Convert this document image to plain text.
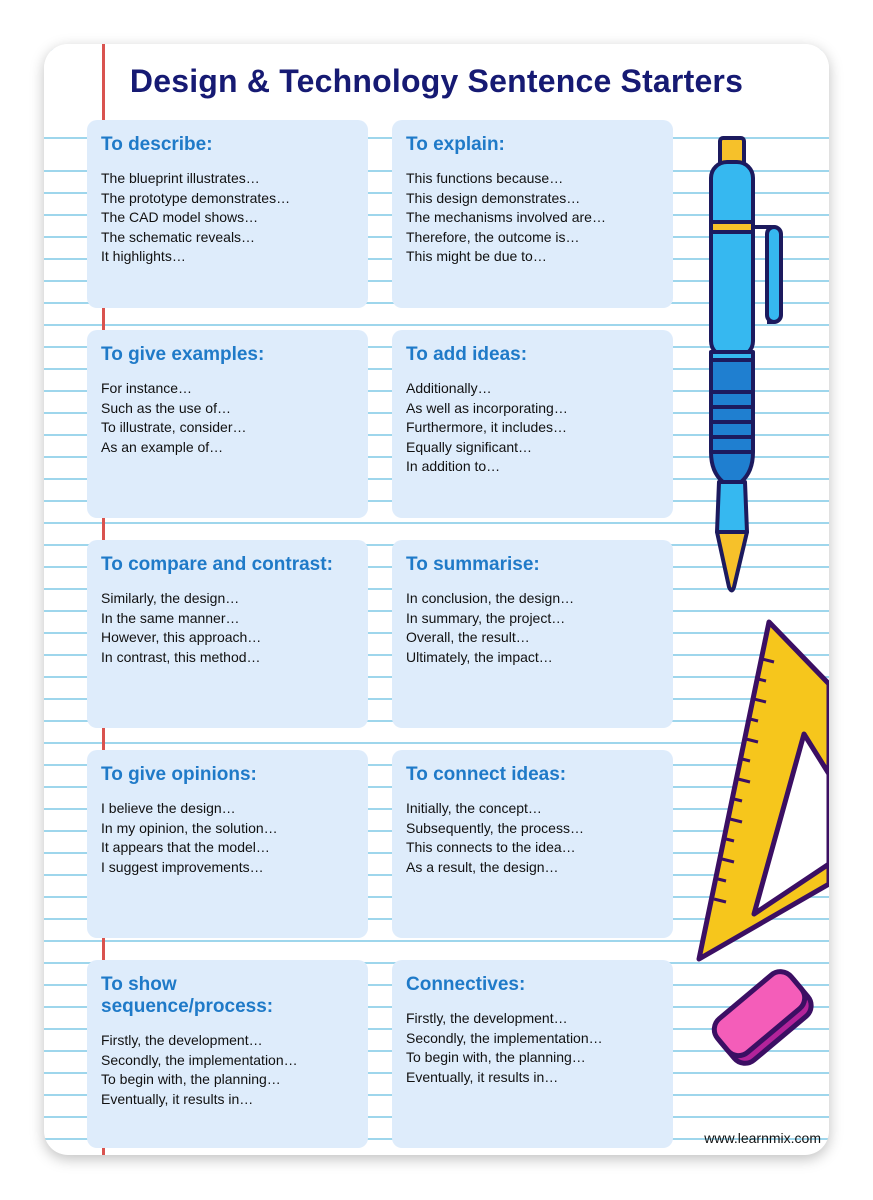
Design & Technology Sentence Starters
To describe:
The blueprint illustrates…
The prototype demonstrates…
The CAD model shows…
The schematic reveals…
It highlights…
To explain:
This functions because…
This design demonstrates…
The mechanisms involved are…
Therefore, the outcome is…
This might be due to…
To give examples:
For instance…
Such as the use of…
To illustrate, consider…
As an example of…
To add ideas:
Additionally…
As well as incorporating…
Furthermore, it includes…
Equally significant…
In addition to…
To compare and contrast:
Similarly, the design…
In the same manner…
However, this approach…
In contrast, this method…
To summarise:
In conclusion, the design…
In summary, the project…
Overall, the result…
Ultimately, the impact…
To give opinions:
I believe the design…
In my opinion, the solution…
It appears that the model…
I suggest improvements…
To connect ideas:
Initially, the concept…
Subsequently, the process…
This connects to the idea…
As a result, the design…
To show sequence/process:
Firstly, the development…
Secondly, the implementation…
To begin with, the planning…
Eventually, it results in…
Connectives:
Firstly, the development…
Secondly, the implementation…
To begin with, the planning…
Eventually, it results in…
www.learnmix.com
